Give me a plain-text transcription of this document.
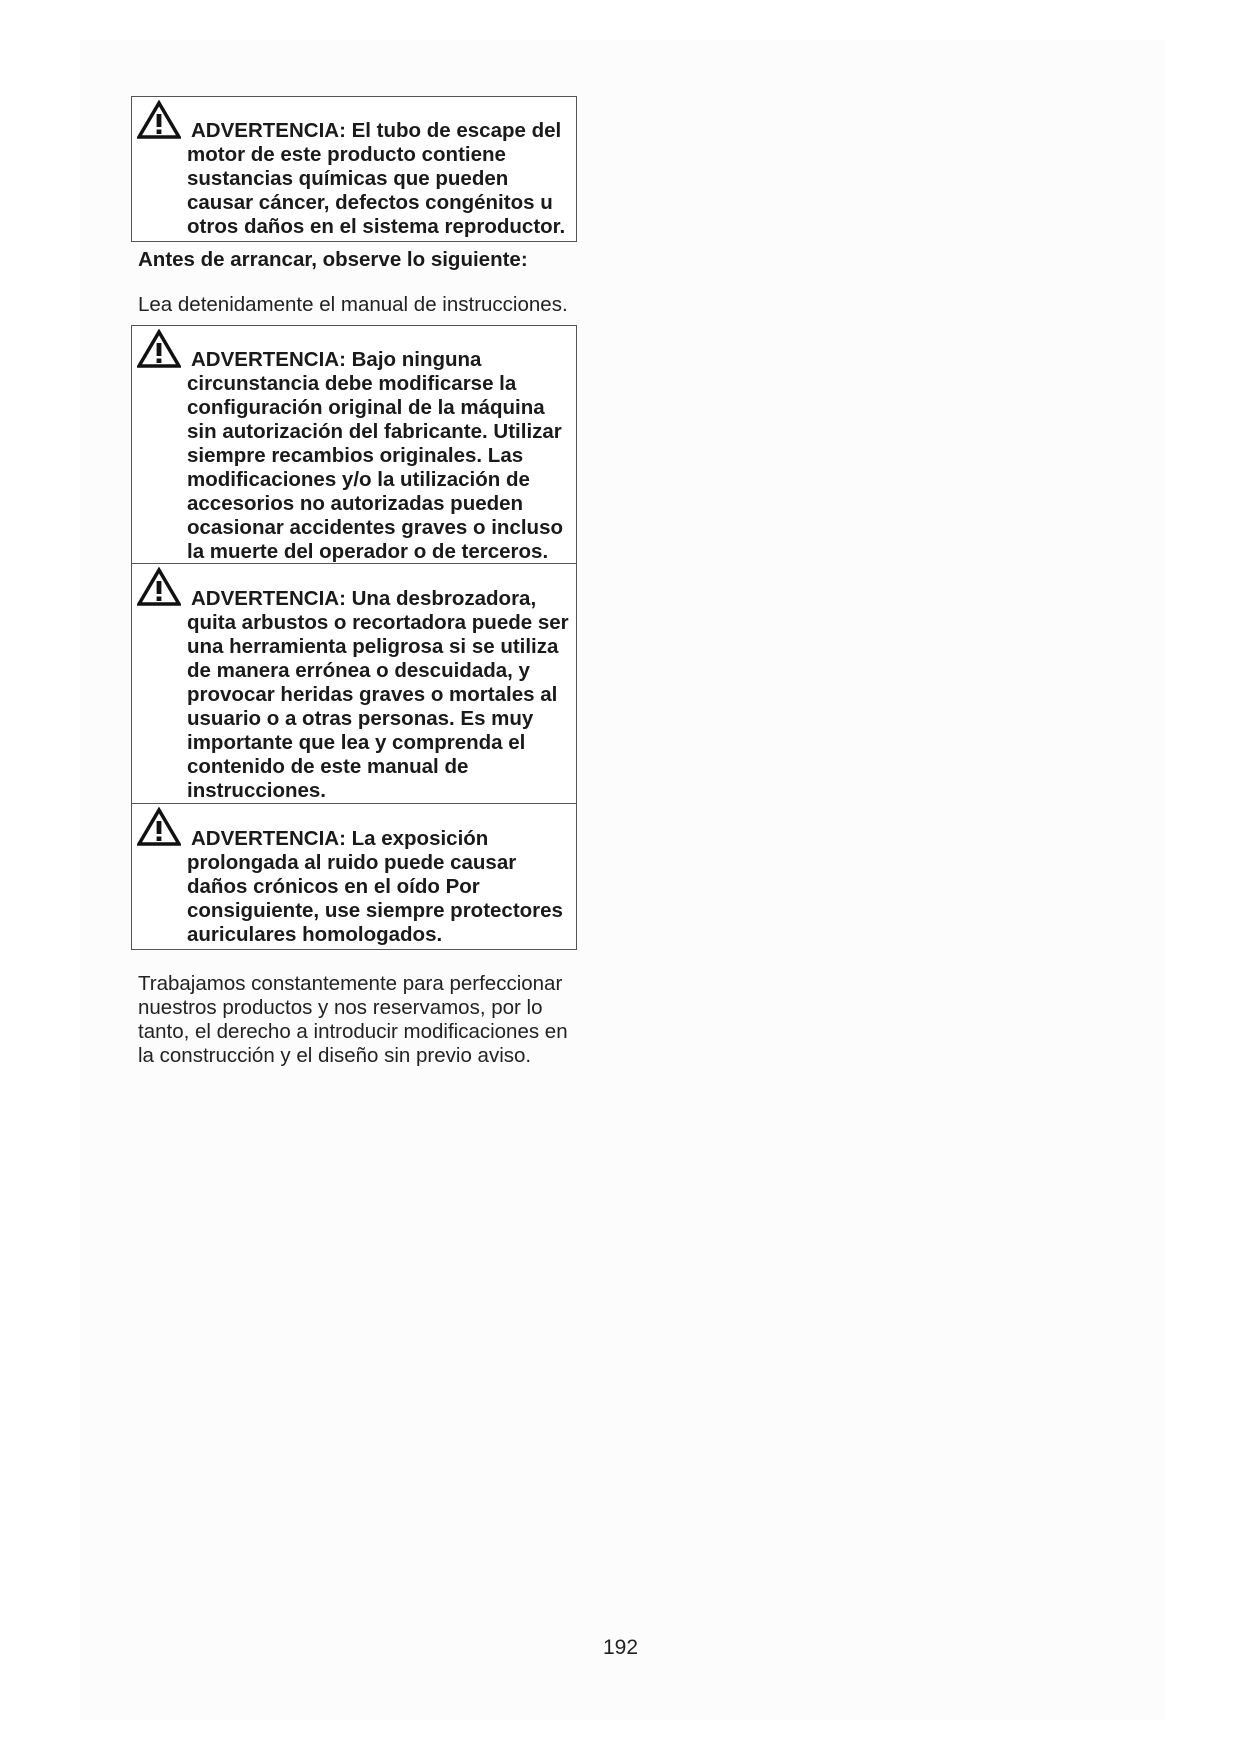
ADVERTENCIA: El tubo de escape del
motor de este producto contiene
sustancias químicas que pueden
causar cáncer, defectos congénitos u
otros daños en el sistema reproductor.
Antes de arrancar, observe lo siguiente:
Lea detenidamente el manual de instrucciones.
ADVERTENCIA: Bajo ninguna
circunstancia debe modificarse la
configuración original de la máquina
sin autorización del fabricante. Utilizar
siempre recambios originales. Las
modificaciones y/o la utilización de
accesorios no autorizadas pueden
ocasionar accidentes graves o incluso
la muerte del operador o de terceros.
ADVERTENCIA: Una desbrozadora,
quita arbustos o recortadora puede ser
una herramienta peligrosa si se utiliza
de manera errónea o descuidada, y
provocar heridas graves o mortales al
usuario o a otras personas. Es muy
importante que lea y comprenda el
contenido de este manual de
instrucciones.
ADVERTENCIA: La exposición
prolongada al ruido puede causar
daños crónicos en el oído Por
consiguiente, use siempre protectores
auriculares homologados.
Trabajamos constantemente para perfeccionar
nuestros productos y nos reservamos, por lo
tanto, el derecho a introducir modificaciones en
la construcción y el diseño sin previo aviso.
192
